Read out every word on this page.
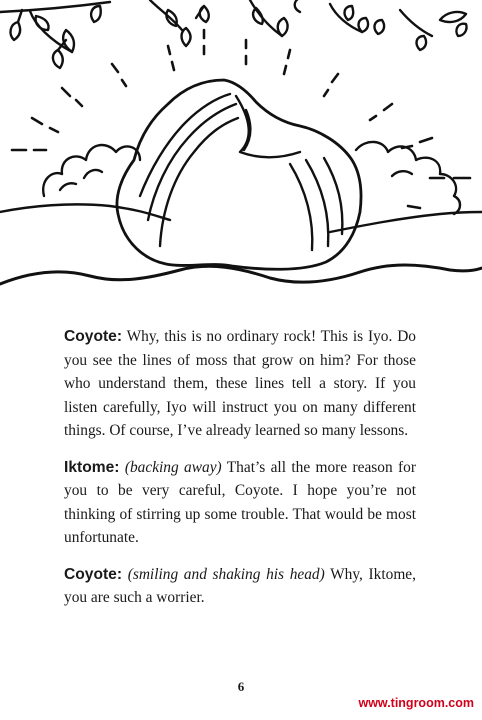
Coyote: Why, this is no ordinary rock! This is Iyo. Do you see the lines of moss that grow on him? For those who understand them, these lines tell a story. If you listen carefully, Iyo will instruct you on many different things. Of course, I’ve already learned so many lessons.

Iktome: (backing away) That’s all the more reason for you to be very careful, Coyote. I hope you’re not thinking of stirring up some trouble. That would be most unfortunate.

Coyote: (smiling and shaking his head) Why, Iktome, you are such a worrier.

6
www.tingroom.com
